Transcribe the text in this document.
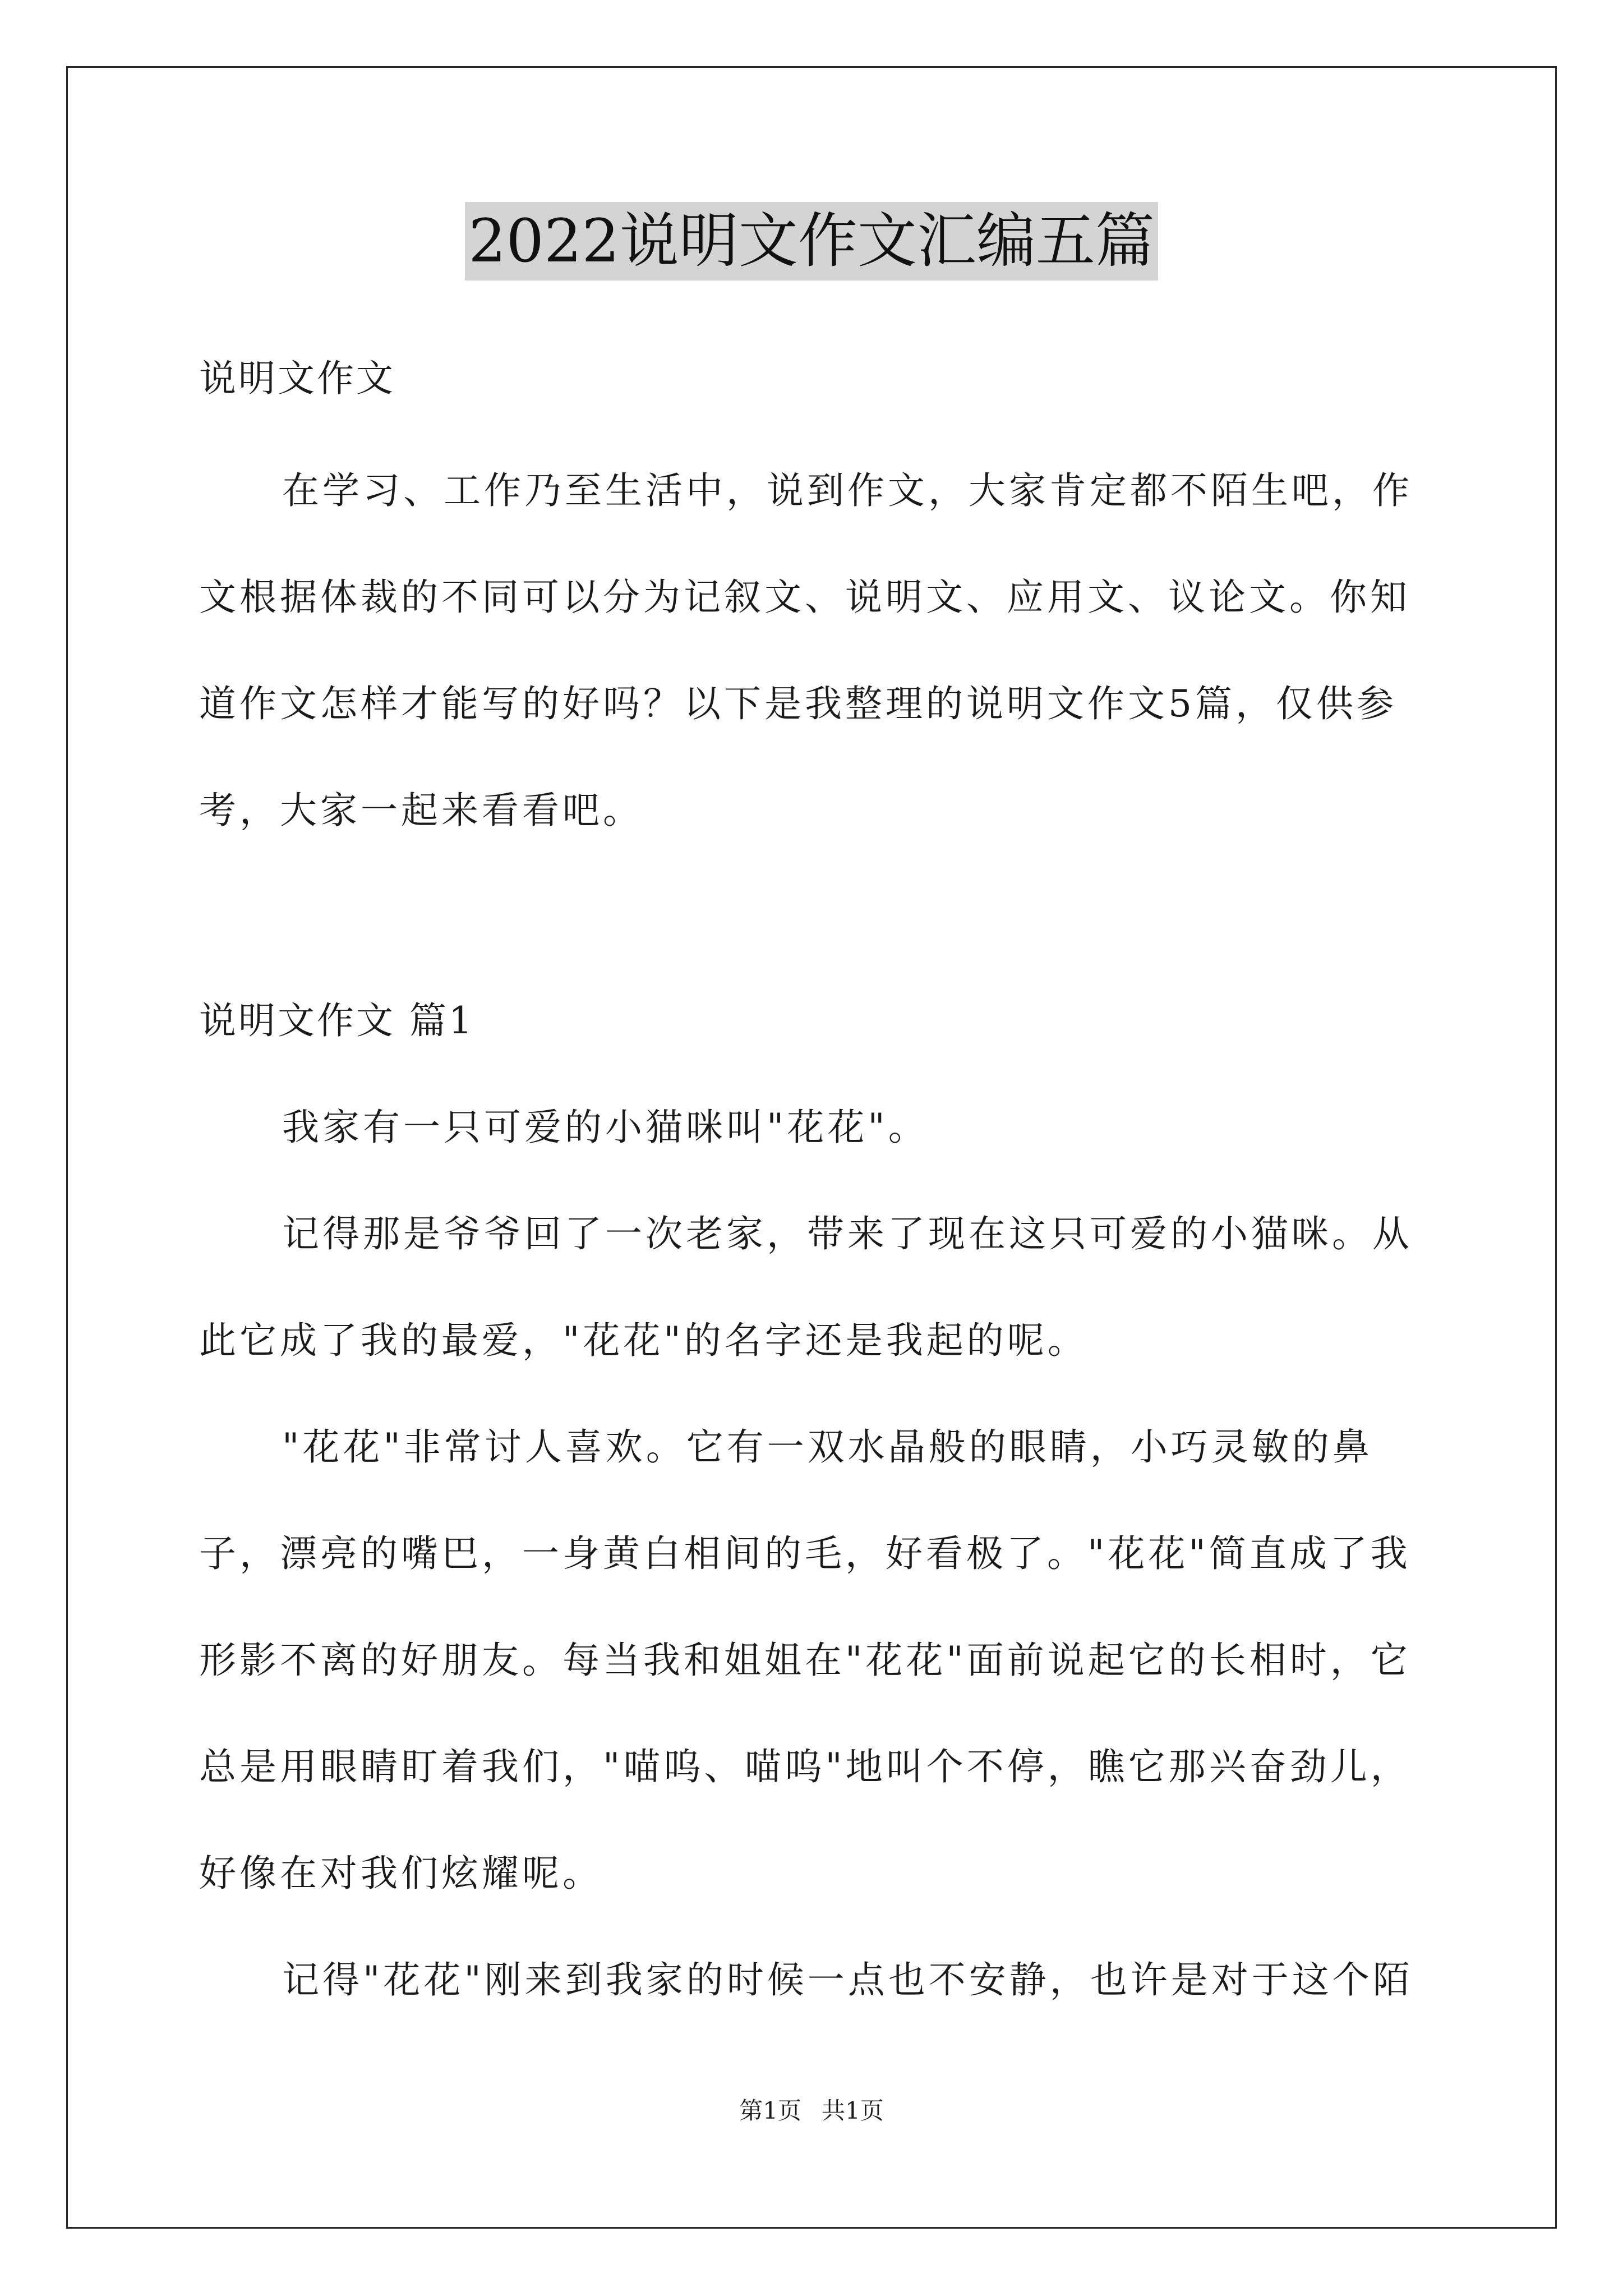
2022说明文作文汇编五篇
说明文作文

在学习、工作乃至生活中，说到作文，大家肯定都不陌生吧，作文根据体裁的不同可以分为记叙文、说明文、应用文、议论文。你知道作文怎样才能写的好吗？以下是我整理的说明文作文5篇，仅供参考，大家一起来看看吧。

说明文作文 篇1

我家有一只可爱的小猫咪叫"花花"。

记得那是爷爷回了一次老家，带来了现在这只可爱的小猫咪。从此它成了我的最爱，"花花"的名字还是我起的呢。

"花花"非常讨人喜欢。它有一双水晶般的眼睛，小巧灵敏的鼻子，漂亮的嘴巴，一身黄白相间的毛，好看极了。"花花"简直成了我形影不离的好朋友。每当我和姐姐在"花花"面前说起它的长相时，它总是用眼睛盯着我们，"喵呜、喵呜"地叫个不停，瞧它那兴奋劲儿，好像在对我们炫耀呢。

记得"花花"刚来到我家的时候一点也不安静，也许是对于这个陌

第1页 共1页
